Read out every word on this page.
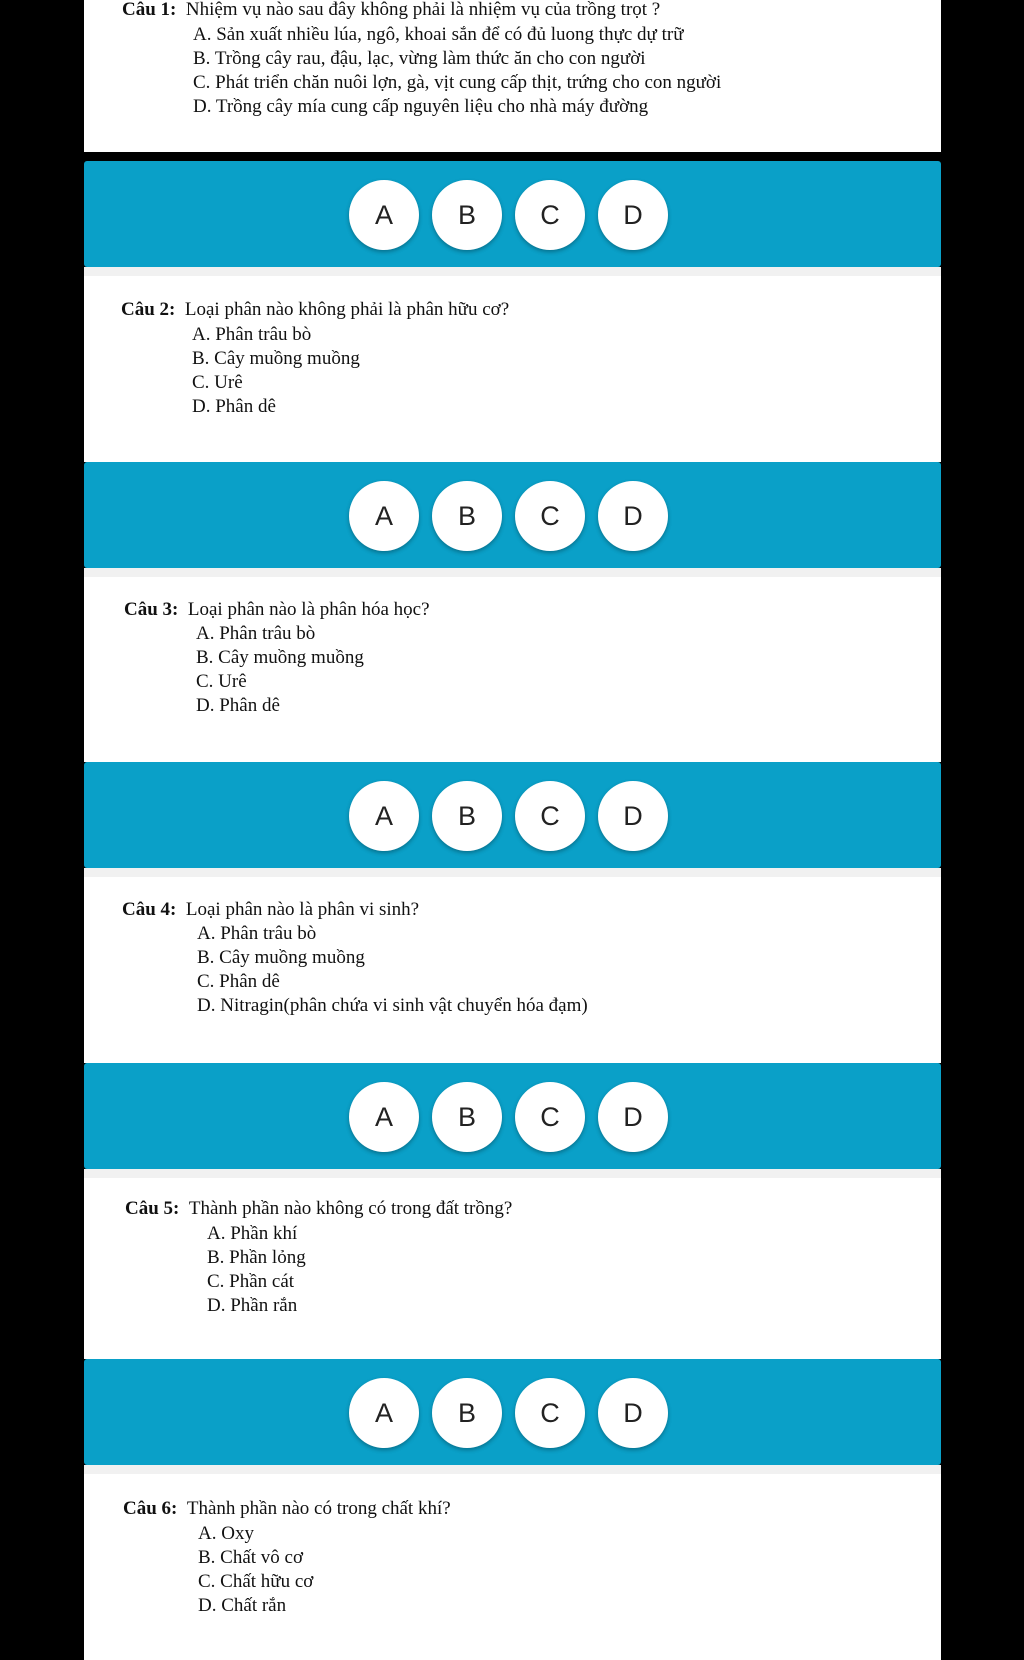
Câu 1: Nhiệm vụ nào sau đây không phải là nhiệm vụ của trồng trọt ?
A. Sản xuất nhiều lúa, ngô, khoai sắn để có đủ luong thực dự trữ
B. Trồng cây rau, đậu, lạc, vừng làm thức ăn cho con người
C. Phát triển chăn nuôi lợn, gà, vịt cung cấp thịt, trứng cho con người
D. Trồng cây mía cung cấp nguyên liệu cho nhà máy đường
A	B	C	D
Câu 2: Loại phân nào không phải là phân hữu cơ?
A. Phân trâu bò
B. Cây muồng muồng
C. Urê
D. Phân dê
A	B	C	D
Câu 3: Loại phân nào là phân hóa học?
A. Phân trâu bò
B. Cây muồng muồng
C. Urê
D. Phân dê
A	B	C	D
Câu 4: Loại phân nào là phân vi sinh?
A. Phân trâu bò
B. Cây muồng muồng
C. Phân dê
D. Nitragin(phân chứa vi sinh vật chuyển hóa đạm)
A	B	C	D
Câu 5: Thành phần nào không có trong đất trồng?
A. Phần khí
B. Phần lỏng
C. Phần cát
D. Phần rắn
A	B	C	D
Câu 6: Thành phần nào có trong chất khí?
A. Oxy
B. Chất vô cơ
C. Chất hữu cơ
D. Chất rắn
